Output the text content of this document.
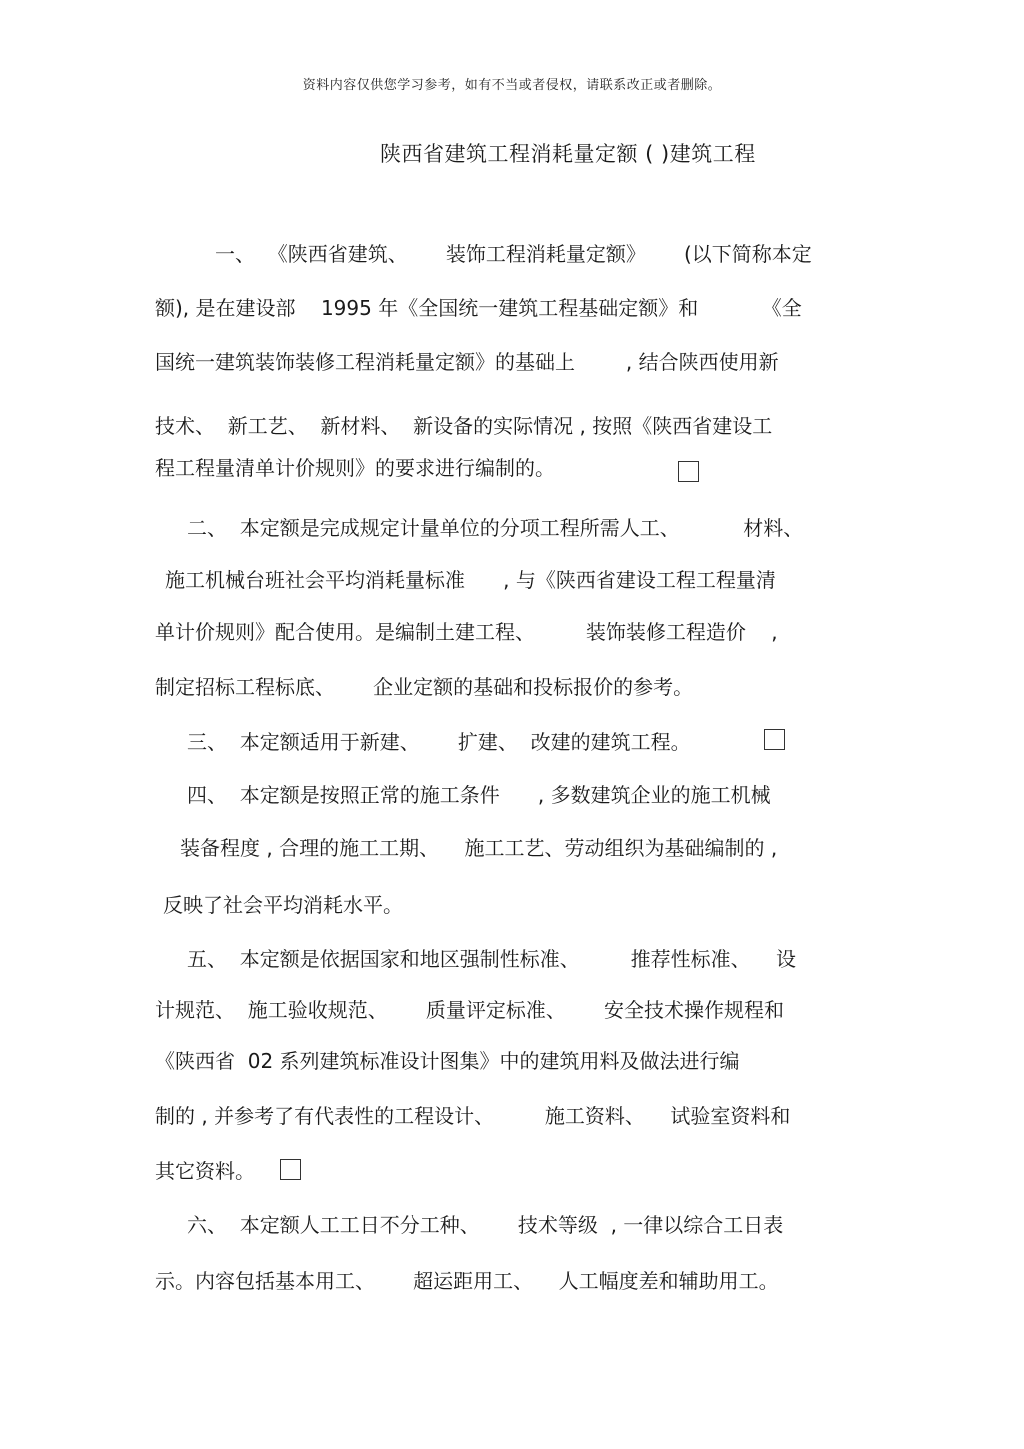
资料内容仅供您学习参考，如有不当或者侵权，请联系改正或者删除。
陕西省建筑工程消耗量定额 ( )建筑工程
一、  《陕西省建筑、      装饰工程消耗量定额》      (以下简称本定
额), 是在建设部    1995 年《全国统一建筑工程基础定额》和          《全
国统一建筑装饰装修工程消耗量定额》的基础上        , 结合陕西使用新
技术、  新工艺、  新材料、  新设备的实际情况 , 按照《陕西省建设工
程工程量清单计价规则》的要求进行编制的。
二、  本定额是完成规定计量单位的分项工程所需人工、          材料、
施工机械台班社会平均消耗量标准      , 与《陕西省建设工程工程量清
单计价规则》配合使用。是编制土建工程、        装饰装修工程造价    ,
制定招标工程标底、      企业定额的基础和投标报价的参考。
三、  本定额适用于新建、      扩建、  改建的建筑工程。
四、  本定额是按照正常的施工条件      , 多数建筑企业的施工机械
装备程度 , 合理的施工工期、    施工工艺、劳动组织为基础编制的 ,
反映了社会平均消耗水平。
五、  本定额是依据国家和地区强制性标准、        推荐性标准、    设
计规范、  施工验收规范、      质量评定标准、      安全技术操作规程和
《陕西省  02 系列建筑标准设计图集》中的建筑用料及做法进行编
制的 , 并参考了有代表性的工程设计、        施工资料、    试验室资料和
其它资料。
六、  本定额人工工日不分工种、      技术等级  , 一律以综合工日表
示。内容包括基本用工、      超运距用工、    人工幅度差和辅助用工。
